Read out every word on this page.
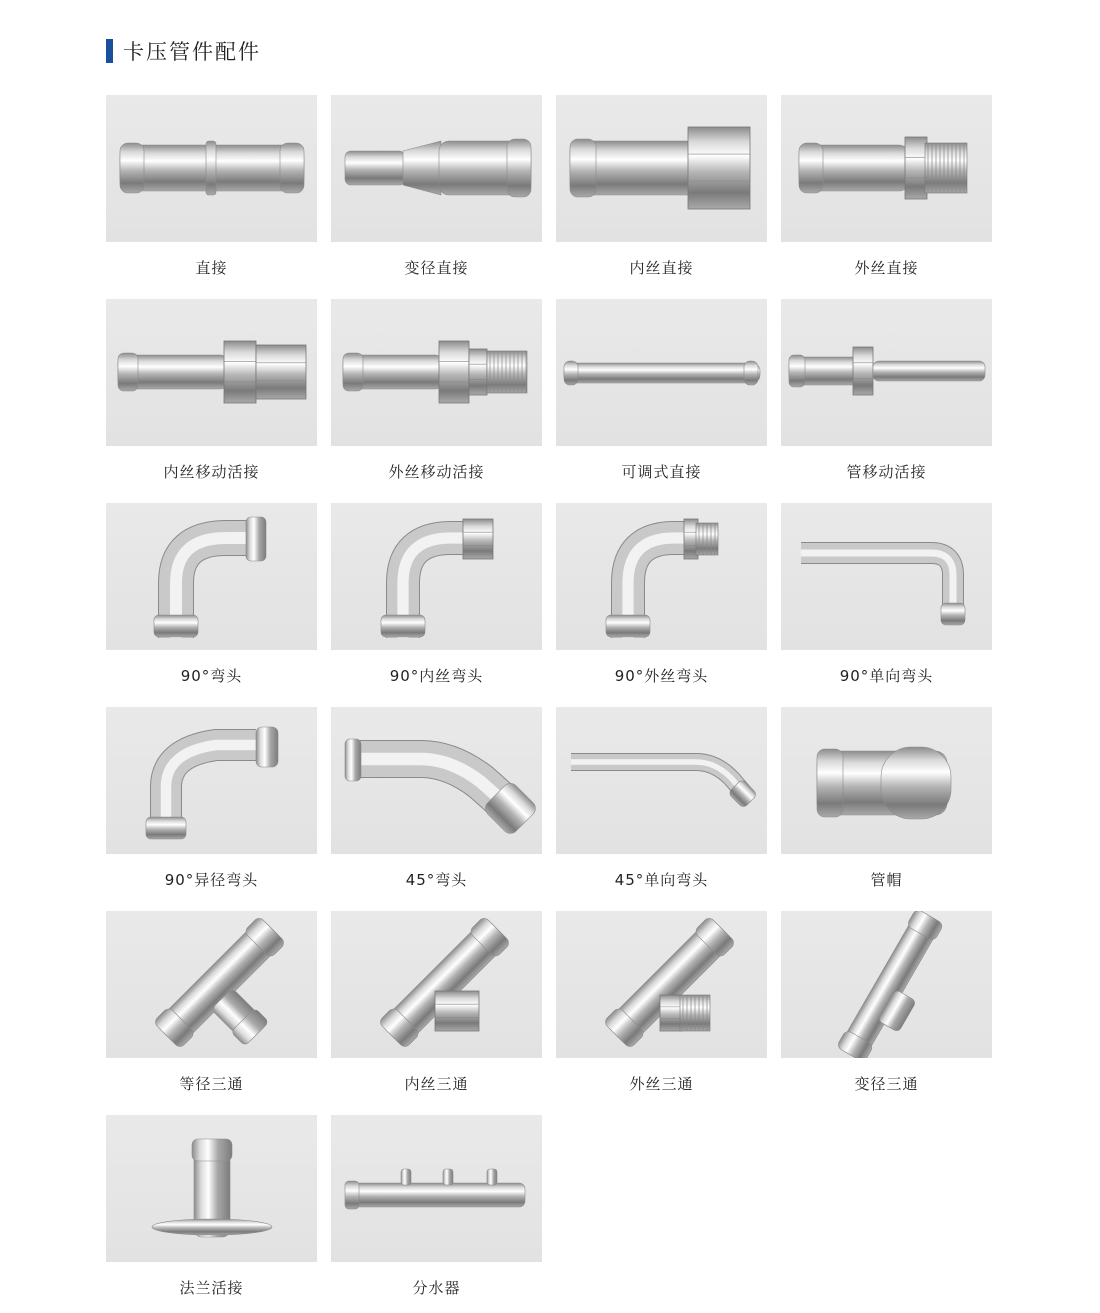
卡压管件配件
直接	变径直接	内丝直接	外丝直接
内丝移动活接	外丝移动活接	可调式直接	管移动活接
90°弯头	90°内丝弯头	90°外丝弯头	90°单向弯头
90°异径弯头	45°弯头	45°单向弯头	管帽
等径三通	内丝三通	外丝三通	变径三通
法兰活接	分水器
